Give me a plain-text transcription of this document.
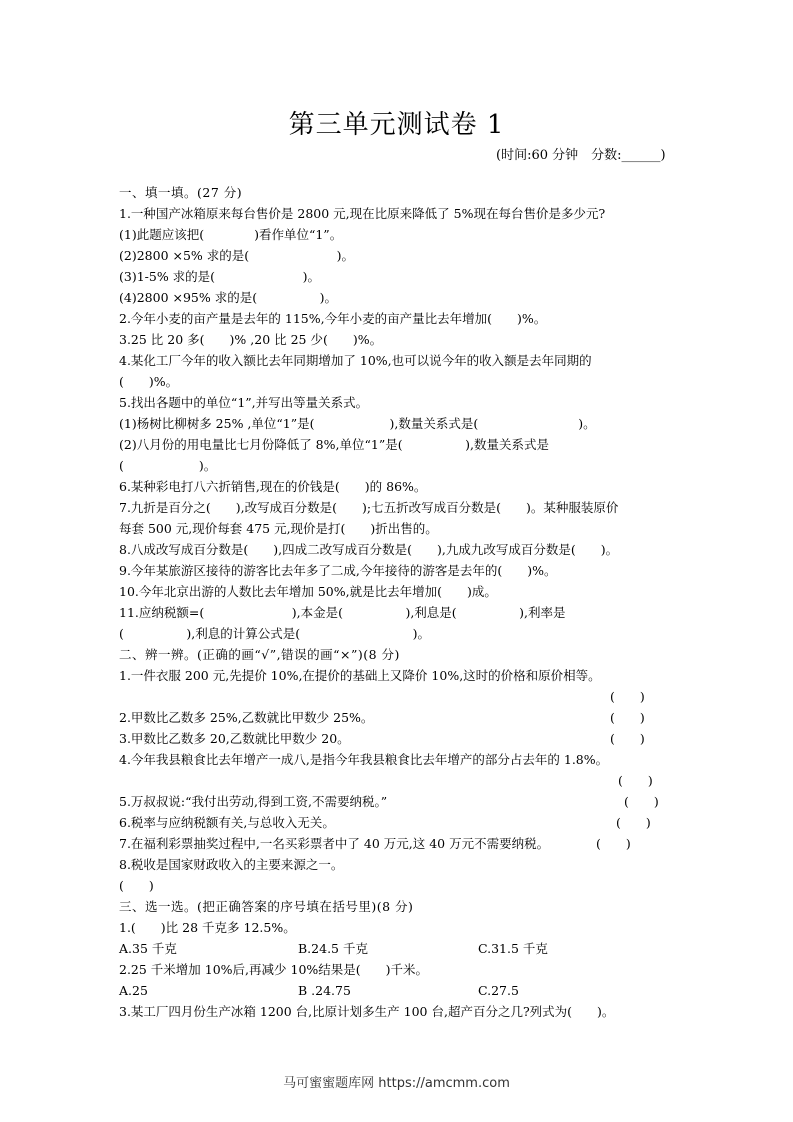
第三单元测试卷 1
(时间:60 分钟　分数:______)
一、填一填。(27 分)
1.一种国产冰箱原来每台售价是 2800 元,现在比原来降低了 5%现在每台售价是多少元?
(1)此题应该把(　　　　)看作单位“1”。
(2)2800 ×5% 求的是(　　　　　　　)。
(3)1-5% 求的是(　　　　　　　)。
(4)2800 ×95% 求的是(　　　　　)。
2.今年小麦的亩产量是去年的 115%,今年小麦的亩产量比去年增加(　　)%。
3.25 比 20 多(　　)% ,20 比 25 少(　　)%。
4.某化工厂今年的收入额比去年同期增加了 10%,也可以说今年的收入额是去年同期的
(　　)%。
5.找出各题中的单位“1”,并写出等量关系式。
(1)杨树比柳树多 25% ,单位“1”是(　　　　　　),数量关系式是(　　　　　　　　)。
(2)八月份的用电量比七月份降低了 8%,单位“1”是(　　　　　),数量关系式是
(　　　　　　)。
6.某种彩电打八六折销售,现在的价钱是(　　)的 86%。
7.九折是百分之(　　),改写成百分数是(　　);七五折改写成百分数是(　　)。某种服装原价
每套 500 元,现价每套 475 元,现价是打(　　)折出售的。
8.八成改写成百分数是(　　),四成二改写成百分数是(　　),九成九改写成百分数是(　　)。
9.今年某旅游区接待的游客比去年多了二成,今年接待的游客是去年的(　　)%。
10.今年北京出游的人数比去年增加 50%,就是比去年增加(　　)成。
11.应纳税额=(　　　　　　　),本金是(　　　　　),利息是(　　　　　),利率是
(　　　　　),利息的计算公式是(　　　　　　　　　)。
二、辨一辨。(正确的画“√”,错误的画“×”)(8 分)
1.一件衣服 200 元,先提价 10%,在提价的基础上又降价 10%,这时的价格和原价相等。
(　　)
2.甲数比乙数多 25%,乙数就比甲数少 25%。	(　　)
3.甲数比乙数多 20,乙数就比甲数少 20。	(　　)
4.今年我县粮食比去年增产一成八,是指今年我县粮食比去年增产的部分占去年的 1.8%。
(　　)
5.万叔叔说:“我付出劳动,得到工资,不需要纳税。”	(　　)
6.税率与应纳税额有关,与总收入无关。	(　　)
7.在福利彩票抽奖过程中,一名买彩票者中了 40 万元,这 40 万元不需要纳税。	(　　)
8.税收是国家财政收入的主要来源之一。
(　　)
三、选一选。(把正确答案的序号填在括号里)(8 分)
1.(　　)比 28 千克多 12.5%。
A.35 千克	B.24.5 千克	C.31.5 千克
2.25 千米增加 10%后,再减少 10%结果是(　　)千米。
A.25	B .24.75	C.27.5
3.某工厂四月份生产冰箱 1200 台,比原计划多生产 100 台,超产百分之几?列式为(　　)。
马可蜜蜜题库网 https://amcmm.com
